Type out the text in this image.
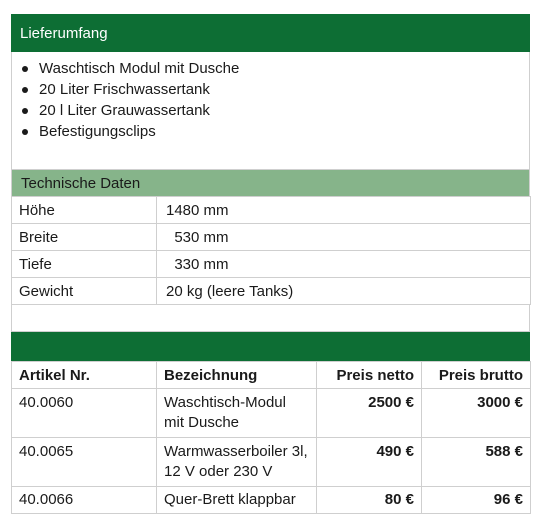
Lieferumfang
Waschtisch Modul mit Dusche
20 Liter Frischwassertank
20 l Liter Grauwassertank
Befestigungsclips
Technische Daten
Höhe	1480 mm
Breite	530 mm
Tiefe	330 mm
Gewicht	20 kg (leere Tanks)
Artikel Nr.	Bezeichnung	Preis netto	Preis brutto
40.0060	Waschtisch-Modul mit Dusche	2500 €	3000 €
40.0065	Warmwasserboiler 3l, 12 V oder 230 V	490 €	588 €
40.0066	Quer-Brett klappbar	80 €	96 €
